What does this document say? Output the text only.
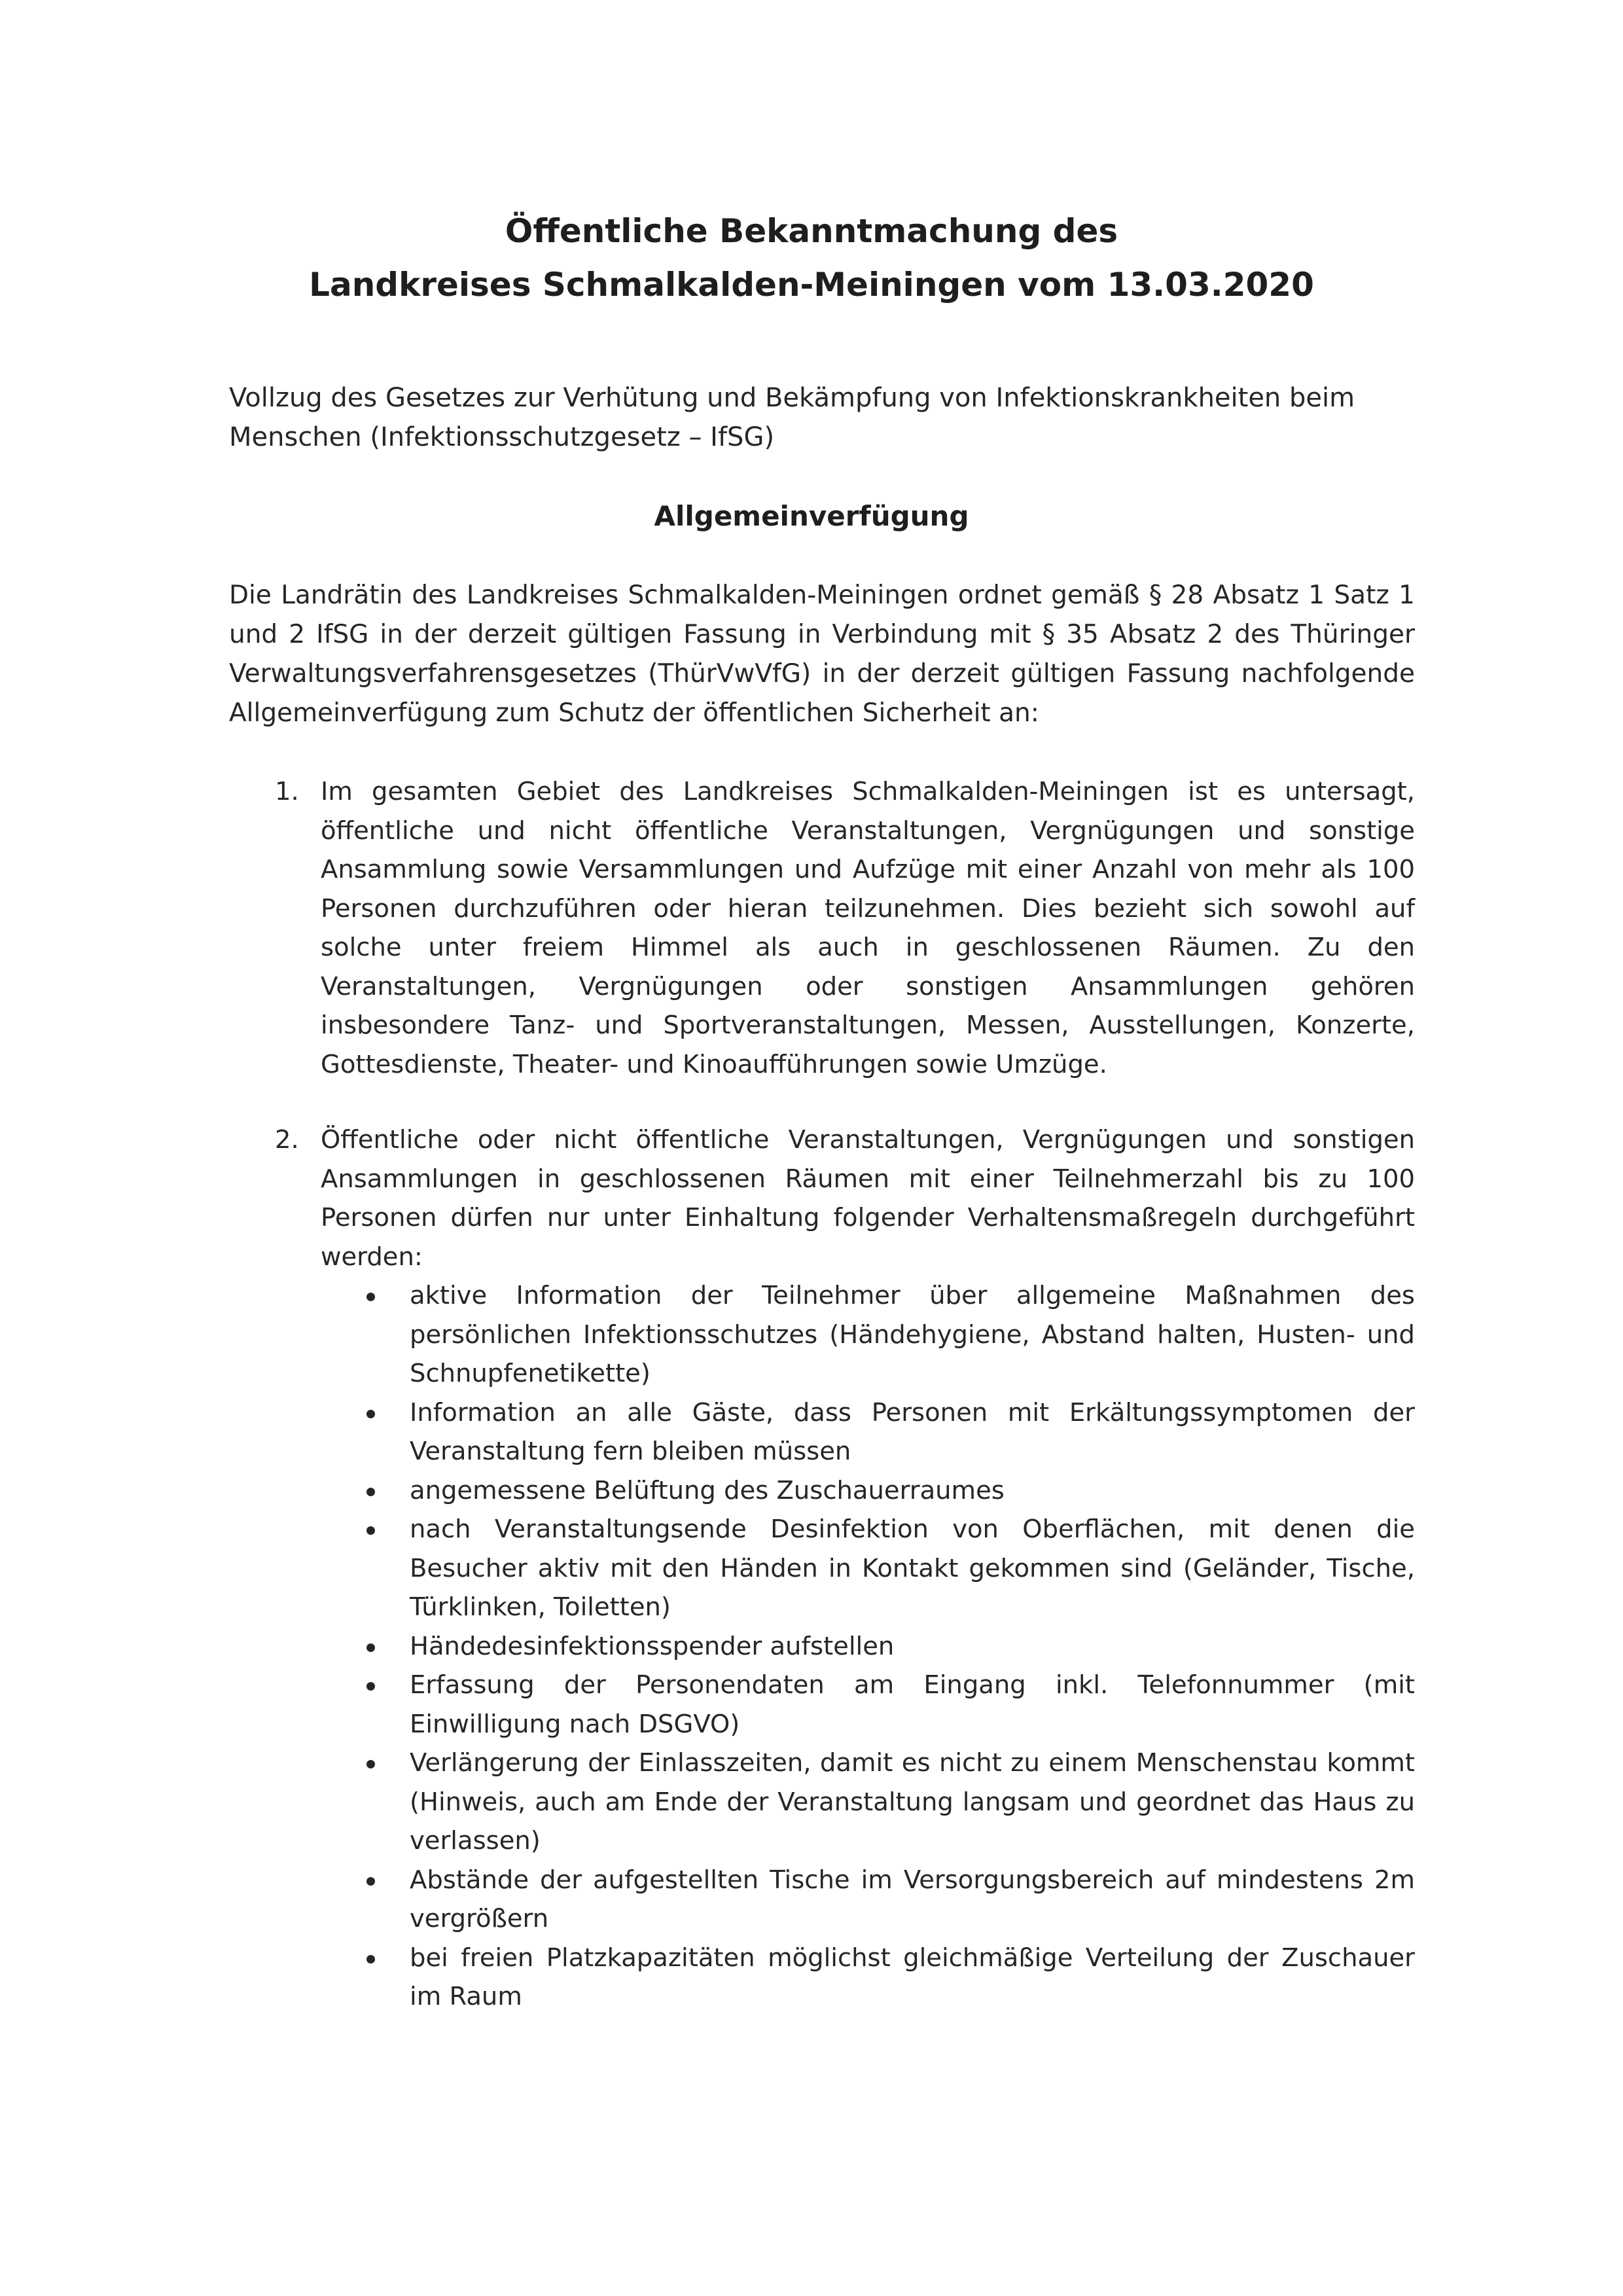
Öffentliche Bekanntmachung des
Landkreises Schmalkalden-Meiningen vom 13.03.2020
Vollzug des Gesetzes zur Verhütung und Bekämpfung von Infektionskrankheiten beim
Menschen (Infektionsschutzgesetz – IfSG)
Allgemeinverfügung
Die Landrätin des Landkreises Schmalkalden-Meiningen ordnet gemäß § 28 Absatz 1 Satz 1
und 2 IfSG in der derzeit gültigen Fassung in Verbindung mit § 35 Absatz 2 des Thüringer
Verwaltungsverfahrensgesetzes (ThürVwVfG) in der derzeit gültigen Fassung nachfolgende
Allgemeinverfügung zum Schutz der öffentlichen Sicherheit an:
1. Im gesamten Gebiet des Landkreises Schmalkalden-Meiningen ist es untersagt,
öffentliche und nicht öffentliche Veranstaltungen, Vergnügungen und sonstige
Ansammlung sowie Versammlungen und Aufzüge mit einer Anzahl von mehr als 100
Personen durchzuführen oder hieran teilzunehmen. Dies bezieht sich sowohl auf
solche unter freiem Himmel als auch in geschlossenen Räumen. Zu den
Veranstaltungen, Vergnügungen oder sonstigen Ansammlungen gehören
insbesondere Tanz- und Sportveranstaltungen, Messen, Ausstellungen, Konzerte,
Gottesdienste, Theater- und Kinoaufführungen sowie Umzüge.
2. Öffentliche oder nicht öffentliche Veranstaltungen, Vergnügungen und sonstigen
Ansammlungen in geschlossenen Räumen mit einer Teilnehmerzahl bis zu 100
Personen dürfen nur unter Einhaltung folgender Verhaltensmaßregeln durchgeführt
werden:
aktive Information der Teilnehmer über allgemeine Maßnahmen des
persönlichen Infektionsschutzes (Händehygiene, Abstand halten, Husten- und
Schnupfenetikette)
Information an alle Gäste, dass Personen mit Erkältungssymptomen der
Veranstaltung fern bleiben müssen
angemessene Belüftung des Zuschauerraumes
nach Veranstaltungsende Desinfektion von Oberflächen, mit denen die
Besucher aktiv mit den Händen in Kontakt gekommen sind (Geländer, Tische,
Türklinken, Toiletten)
Händedesinfektionsspender aufstellen
Erfassung der Personendaten am Eingang inkl. Telefonnummer (mit
Einwilligung nach DSGVO)
Verlängerung der Einlasszeiten, damit es nicht zu einem Menschenstau kommt
(Hinweis, auch am Ende der Veranstaltung langsam und geordnet das Haus zu
verlassen)
Abstände der aufgestellten Tische im Versorgungsbereich auf mindestens 2m
vergrößern
bei freien Platzkapazitäten möglichst gleichmäßige Verteilung der Zuschauer
im Raum
